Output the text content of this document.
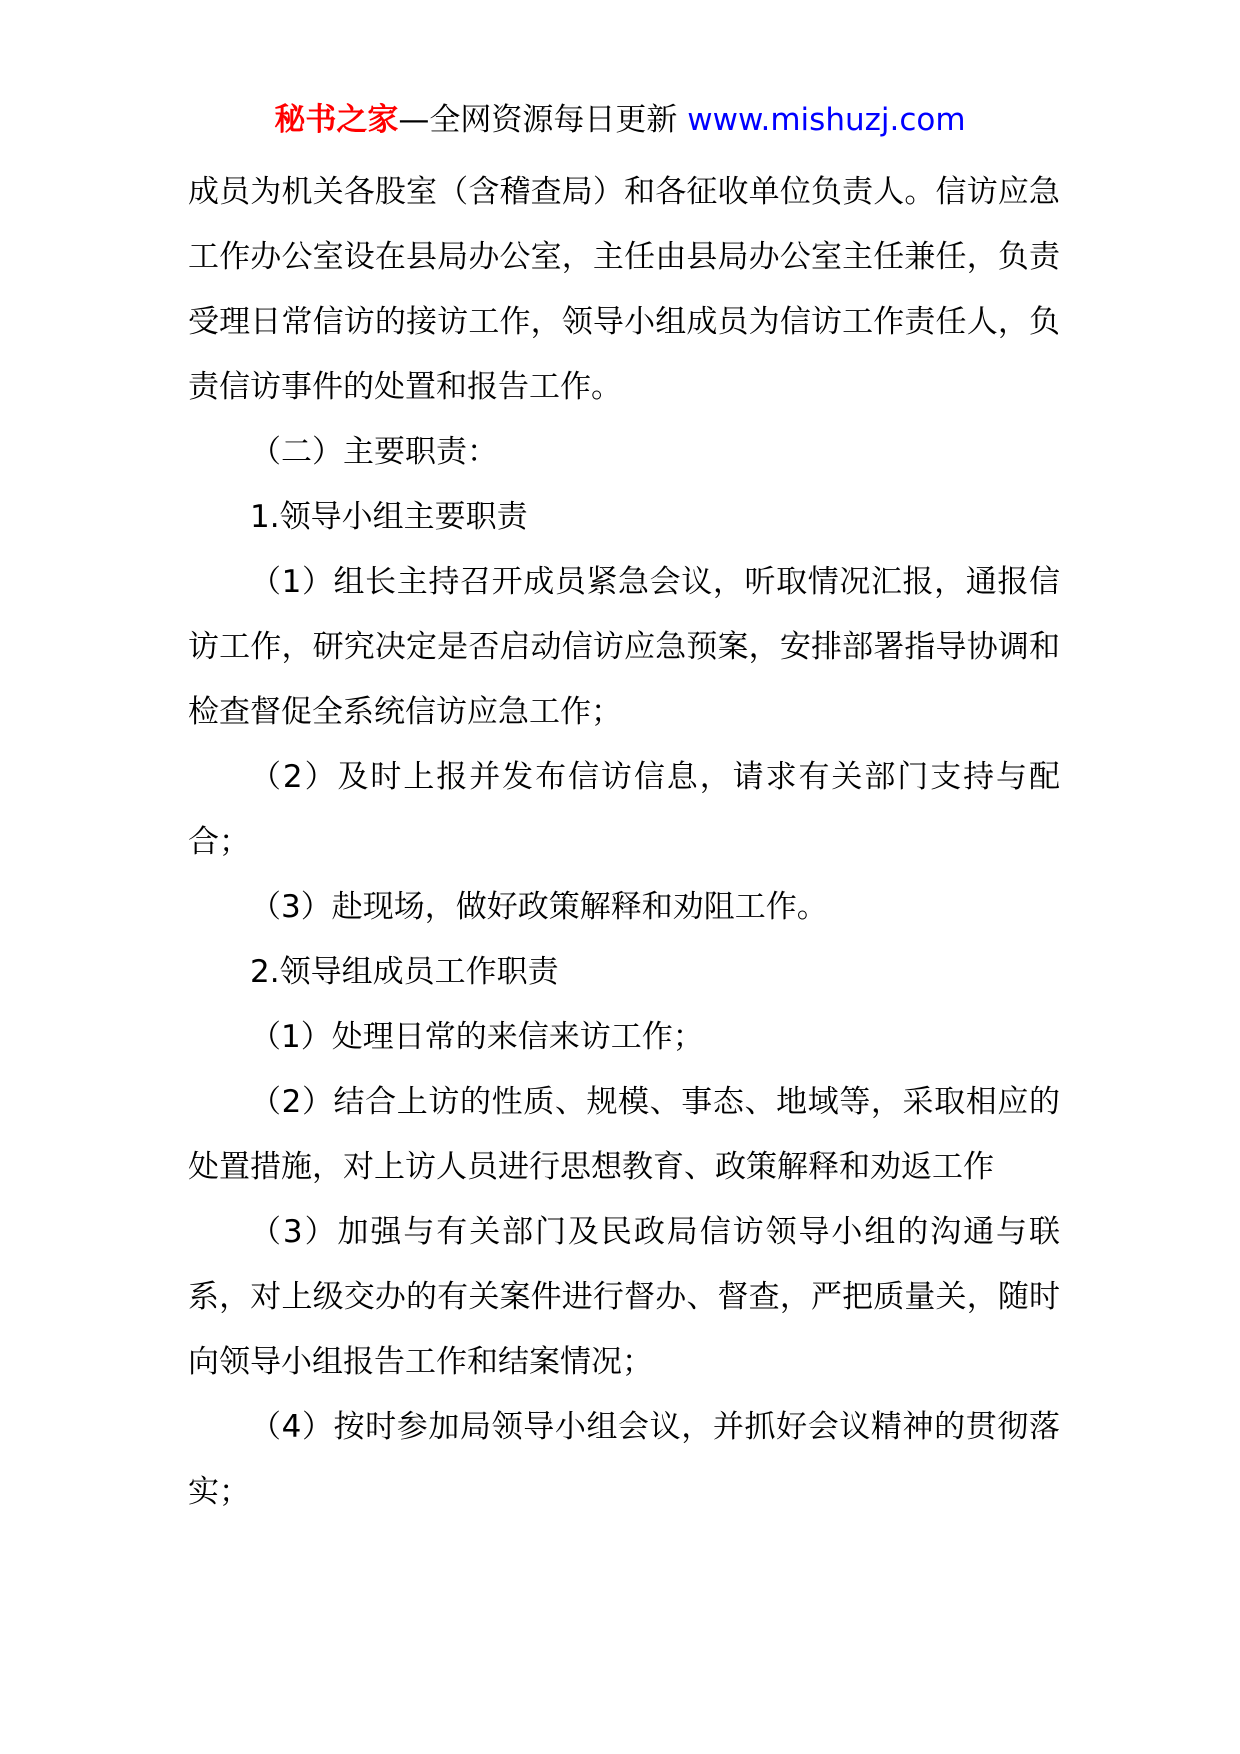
秘书之家—全网资源每日更新 www.mishuzj.com

成员为机关各股室（含稽查局）和各征收单位负责人。信访应急工作办公室设在县局办公室，主任由县局办公室主任兼任，负责受理日常信访的接访工作，领导小组成员为信访工作责任人，负责信访事件的处置和报告工作。

（二）主要职责：

1.领导小组主要职责

（1）组长主持召开成员紧急会议，听取情况汇报，通报信访工作，研究决定是否启动信访应急预案，安排部署指导协调和检查督促全系统信访应急工作；

（2）及时上报并发布信访信息，请求有关部门支持与配合；

（3）赴现场，做好政策解释和劝阻工作。

2.领导组成员工作职责

（1）处理日常的来信来访工作；

（2）结合上访的性质、规模、事态、地域等，采取相应的处置措施，对上访人员进行思想教育、政策解释和劝返工作

（3）加强与有关部门及民政局信访领导小组的沟通与联系，对上级交办的有关案件进行督办、督查，严把质量关，随时向领导小组报告工作和结案情况；

（4）按时参加局领导小组会议，并抓好会议精神的贯彻落实；
